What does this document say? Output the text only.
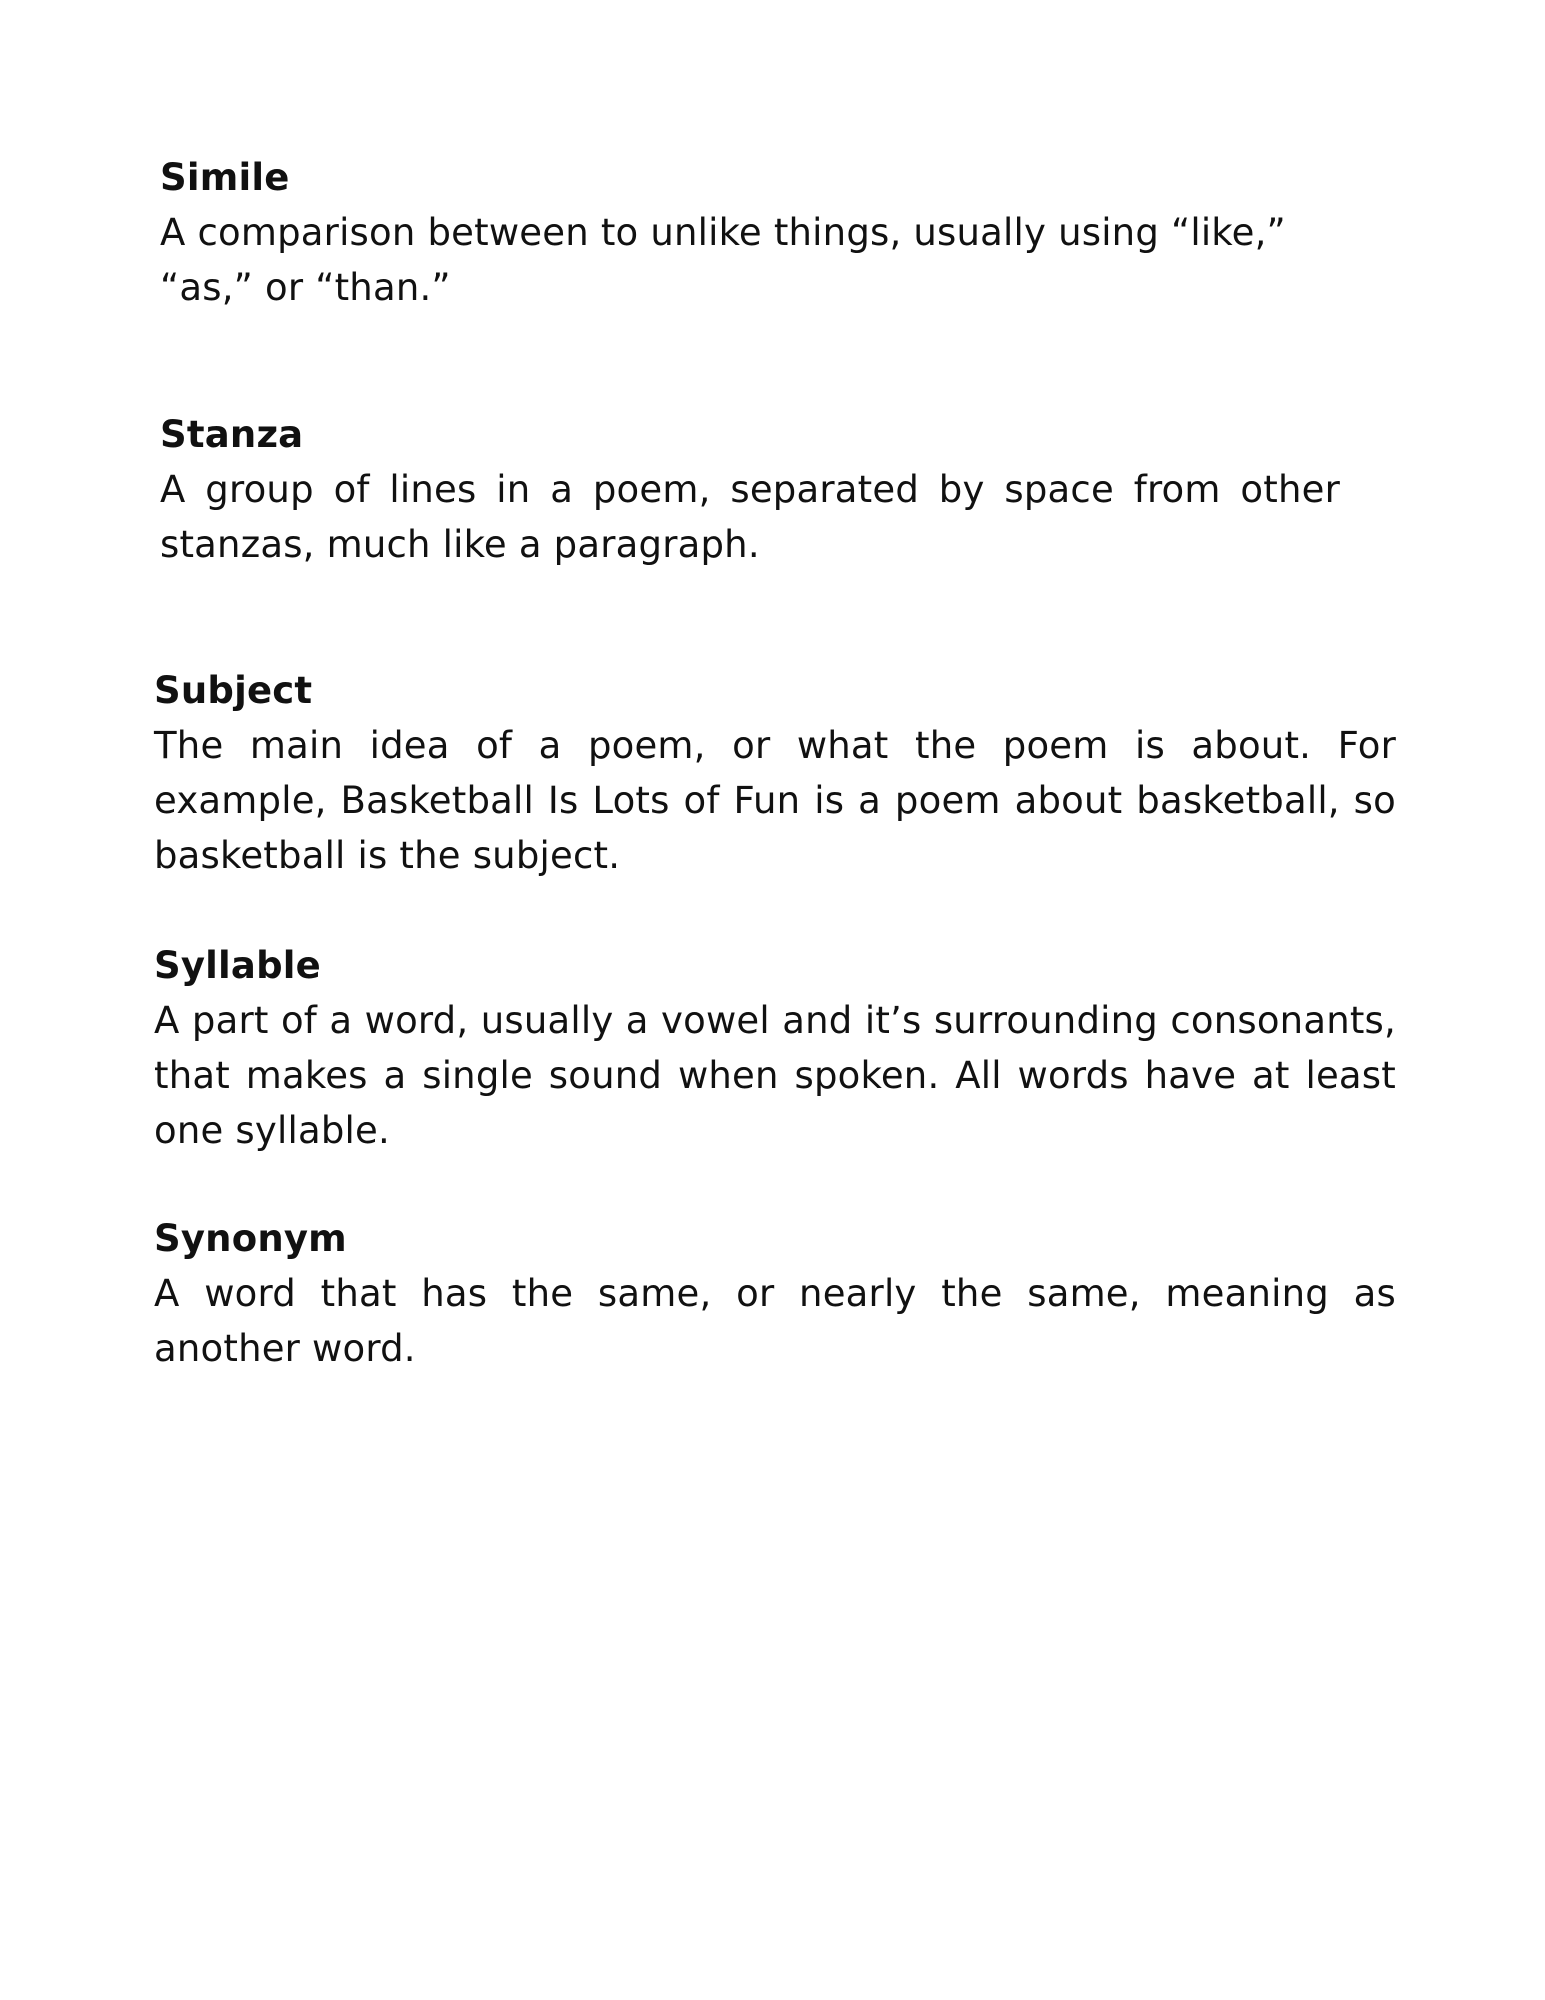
Simile

A comparison between to unlike things, usually using “like,” “as,” or “than.”

Stanza

A group of lines in a poem, separated by space from other stanzas, much like a paragraph.

Subject

The main idea of a poem, or what the poem is about. For example, Basketball Is Lots of Fun is a poem about basketball, so basketball is the subject.

Syllable

A part of a word, usually a vowel and it’s surrounding consonants, that makes a single sound when spoken. All words have at least one syllable.

Synonym

A word that has the same, or nearly the same, meaning as another word.
